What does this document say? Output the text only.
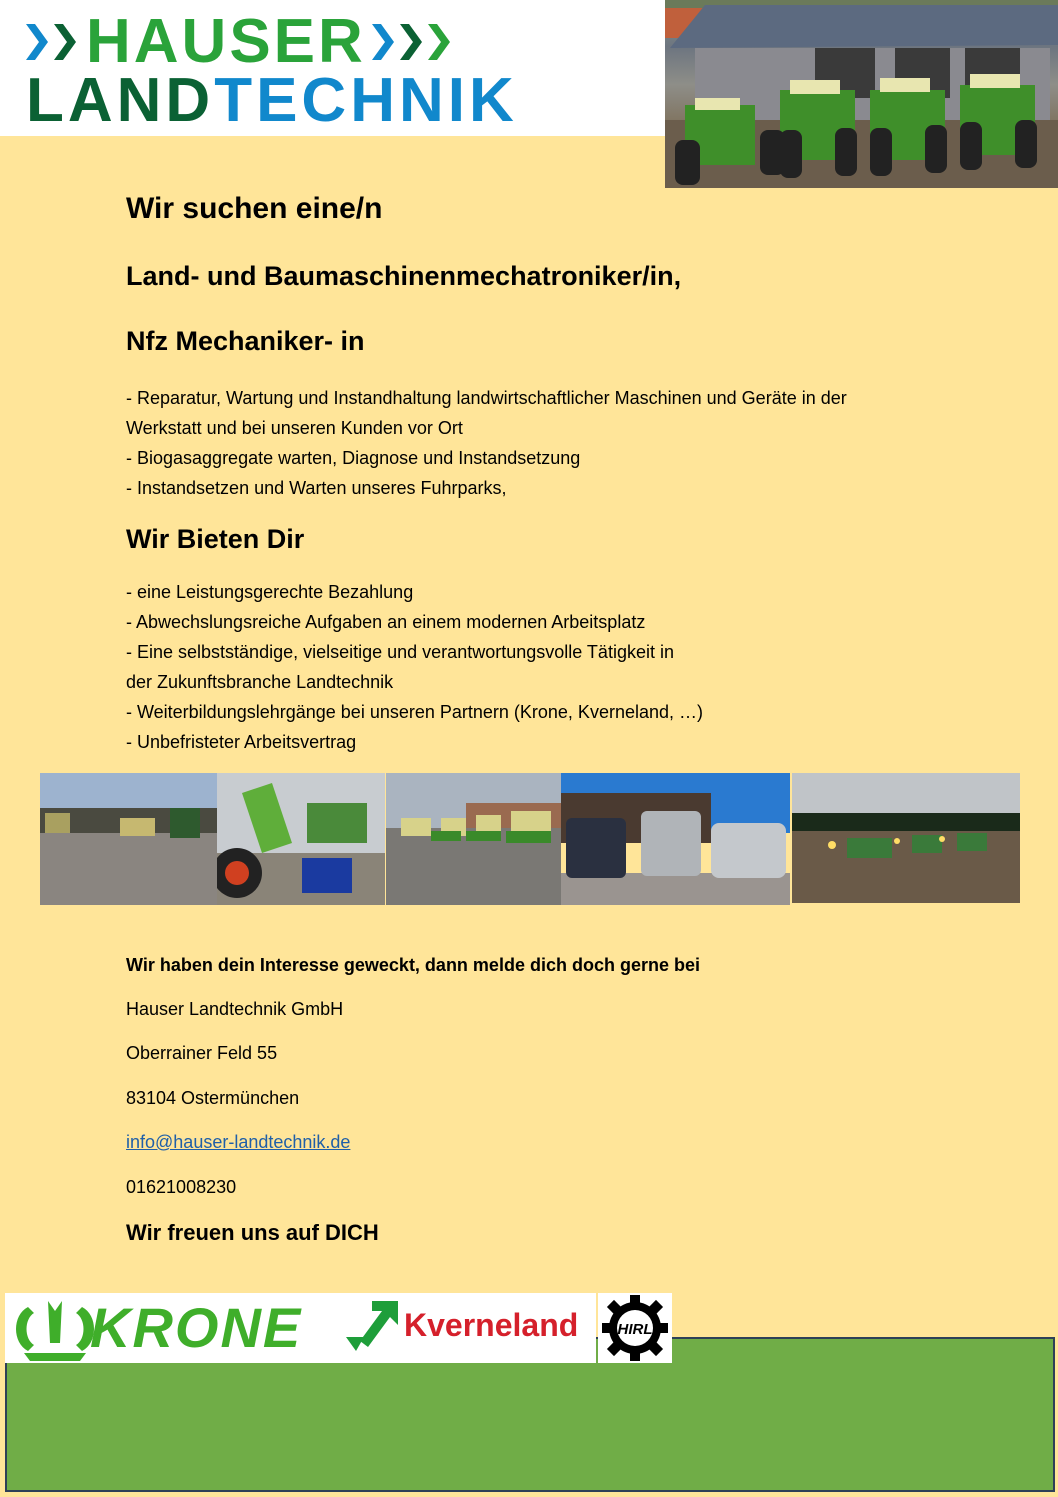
HAUSER
LANDTECHNIK
Wir suchen eine/n
Land- und Baumaschinenmechatroniker/in,
Nfz Mechaniker- in
- Reparatur, Wartung und Instandhaltung landwirtschaftlicher Maschinen und Geräte in der
Werkstatt und bei unseren Kunden vor Ort
- Biogasaggregate warten, Diagnose und Instandsetzung
- Instandsetzen und Warten unseres Fuhrparks,
Wir Bieten Dir
- eine Leistungsgerechte Bezahlung
- Abwechslungsreiche Aufgaben an einem modernen Arbeitsplatz
- Eine selbstständige, vielseitige und verantwortungsvolle Tätigkeit in
der Zukunftsbranche Landtechnik
- Weiterbildungslehrgänge bei unseren Partnern (Krone, Kverneland, …)
- Unbefristeter Arbeitsvertrag
Wir haben dein Interesse geweckt, dann melde dich doch gerne bei
Hauser Landtechnik GmbH
Oberrainer Feld 55
83104 Ostermünchen
info@hauser-landtechnik.de
01621008230
Wir freuen uns auf DICH
KRONE	Kverneland	HIRL
